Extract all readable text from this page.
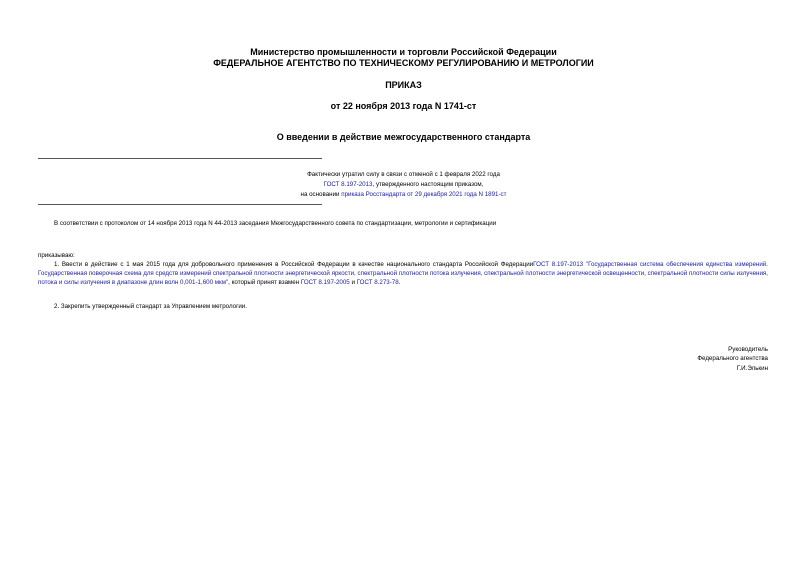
Министерство промышленности и торговли Российской Федерации
ФЕДЕРАЛЬНОЕ АГЕНТСТВО ПО ТЕХНИЧЕСКОМУ РЕГУЛИРОВАНИЮ И МЕТРОЛОГИИ
ПРИКАЗ
от 22 ноября 2013 года N 1741-ст
О введении в действие межгосударственного стандарта
Фактически утратил силу в связи с отменой с 1 февраля 2022 года
ГОСТ 8.197-2013, утвержденного настоящим приказом,
на основании приказа Росстандарта от 29 декабря 2021 года N 1891-ст
В соответствии с протоколом от 14 ноября 2013 года N 44-2013 заседания Межгосударственного совета по стандартизации, метрологии и сертификации
приказываю:
1. Ввести в действие с 1 мая 2015 года для добровольного применения в Российской Федерации в качестве национального стандарта Российской ФедерацииГОСТ 8.197-2013 "Государственная система обеспечения единства измерений. Государственная поверочная схема для средств измерений спектральной плотности энергетической яркости, спектральной плотности потока излучения, спектральной плотности энергетической освещенности, спектральной плотности силы излучения, потока и силы излучения в диапазоне длин волн 0,001-1,600 мкм", который принят взамен ГОСТ 8.197-2005 и ГОСТ 8.273-78.
2. Закрепить утвержденный стандарт за Управлением метрологии.
Руководитель
Федерального агентства
Г.И.Элькин
